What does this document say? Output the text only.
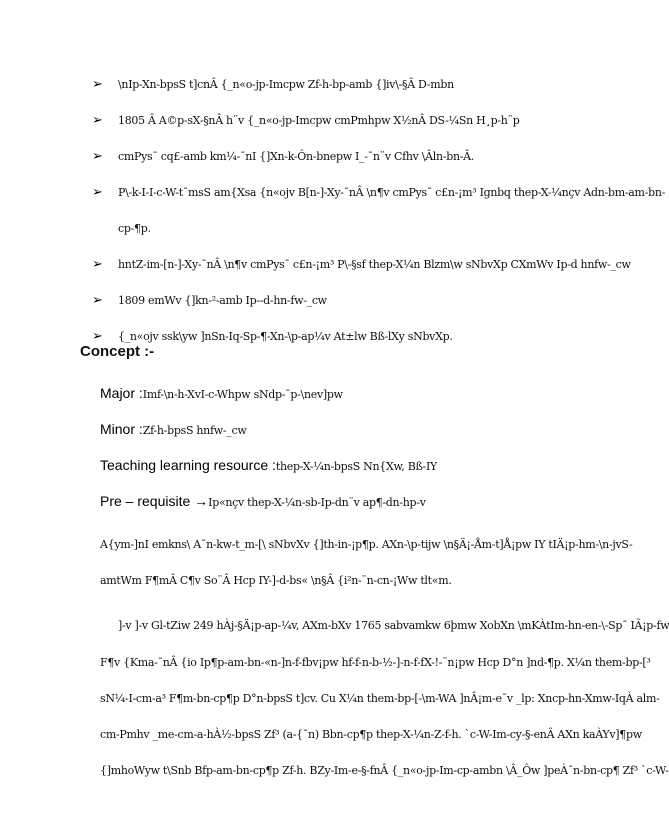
➢ \nIp-Xn-bpsS t]cnÂ {_n«o-jp-Imcpw Zf-h-bp-amb {]iv\-§Â D-mbn
➢ 1805 Â A©p-sX-§nÂ h¨v {_n«o-jp-Imcpw cmPmhpw X½nÂ DS-¼Sn H¸p-h¨p
➢ cmPys¯ cq£-amb km¼-¯nI {]Xn-k-Ôn-bnepw I_-¯n¨v Cfhv \Âln-bn-Â.
➢ P\-k-I-I-c-W-t¯msS am{Xsa {n«ojv B[n-]-Xy-¯nÂ \n¶v cmPys¯ c£n-¡m³ Ignbq thep-X-¼nçv Adn-bm-am-bn-
cp-¶p.
➢ hntZ-im-[n-]-Xy-¯nÂ \n¶v cmPys¯ c£n-¡m³ P\-§sf thep-X¼n Blzm\w sNbvXp CXmWv Ip-d hnfw-_cw
➢ 1809 emWv {]kn-²-amb Ip--d-hn-fw-_cw
➢ {_n«ojv ssk\yw ]nSn-Iq-Sp-¶-Xn-\p-ap¼v At±lw Bß-lXy sNbvXp.
Concept :-
Major :Imf-\n-h-XvI-c-Whpw sNdp-¯p-\nev]pw
Minor :Zf-h-bpsS hnfw-_cw
Teaching learning resource :thep-X-¼n-bpsS Nn{Xw, Bß-IY
Pre – requisite →Ip«nçv thep-X-¼n-sb-Ip-dn¨v ap¶-dn-hp-v
A{ym-]nI emkns\ A¯n-kw-t_m-[\ sNbvXv {]th-in-¡p¶p. AXn-\p-tijw \n§Ä¡-Åm-t]Å¡pw IY tIÄ¡p-hm-\n-jvS-
amtWm F¶mÂ C¶v So¨Â Hcp IY-]-d-bs« \n§Â {i²n-¨n-cn-¡Ww tlt«m.
]-v ]-v Gl-tZiw 249 hÀj-§Ä¡p-ap-¼v, AXm-bXv 1765 sabvamkw 6þmw XobXn \mKÀtIm-hn-en-\-Sp¯ IÃ¡p-fw
F¶v {Kma-¯nÂ {io Ip¶p-am-bn-«n-]n-f-fbv¡pw hf-f-n-b-½-]-n-f-fX-!-¨n¡pw Hcp D°n ]nd-¶p. X¼n them-bp-[³
sN¼-I-cm-a³ F¶m-bn-cp¶p D°n-bpsS t]cv. Cu X¼n them-bp-[-\m-WA ]nÂ¡m-e¯v _lp: Xncp-hn-Xmw-IqÀ alm-
cm-Pmhv _me-cm-a-hÀ½-bpsS Zf³ (a-{¯n) Bbn-cp¶p thep-X-¼n-Z-f-h. `c-W-Im-cy-§-enÂ AXn kaÀYv]¶pw
{]mhoWyw t\Snb Bfp-am-bn-cp¶p Zf-h. BZy-Im-e-§-fnÂ {_n«o-jp-Im-cp-ambn \Â_Ôw ]peÀ¯n-bn-cp¶ Zf³ `c-W-
